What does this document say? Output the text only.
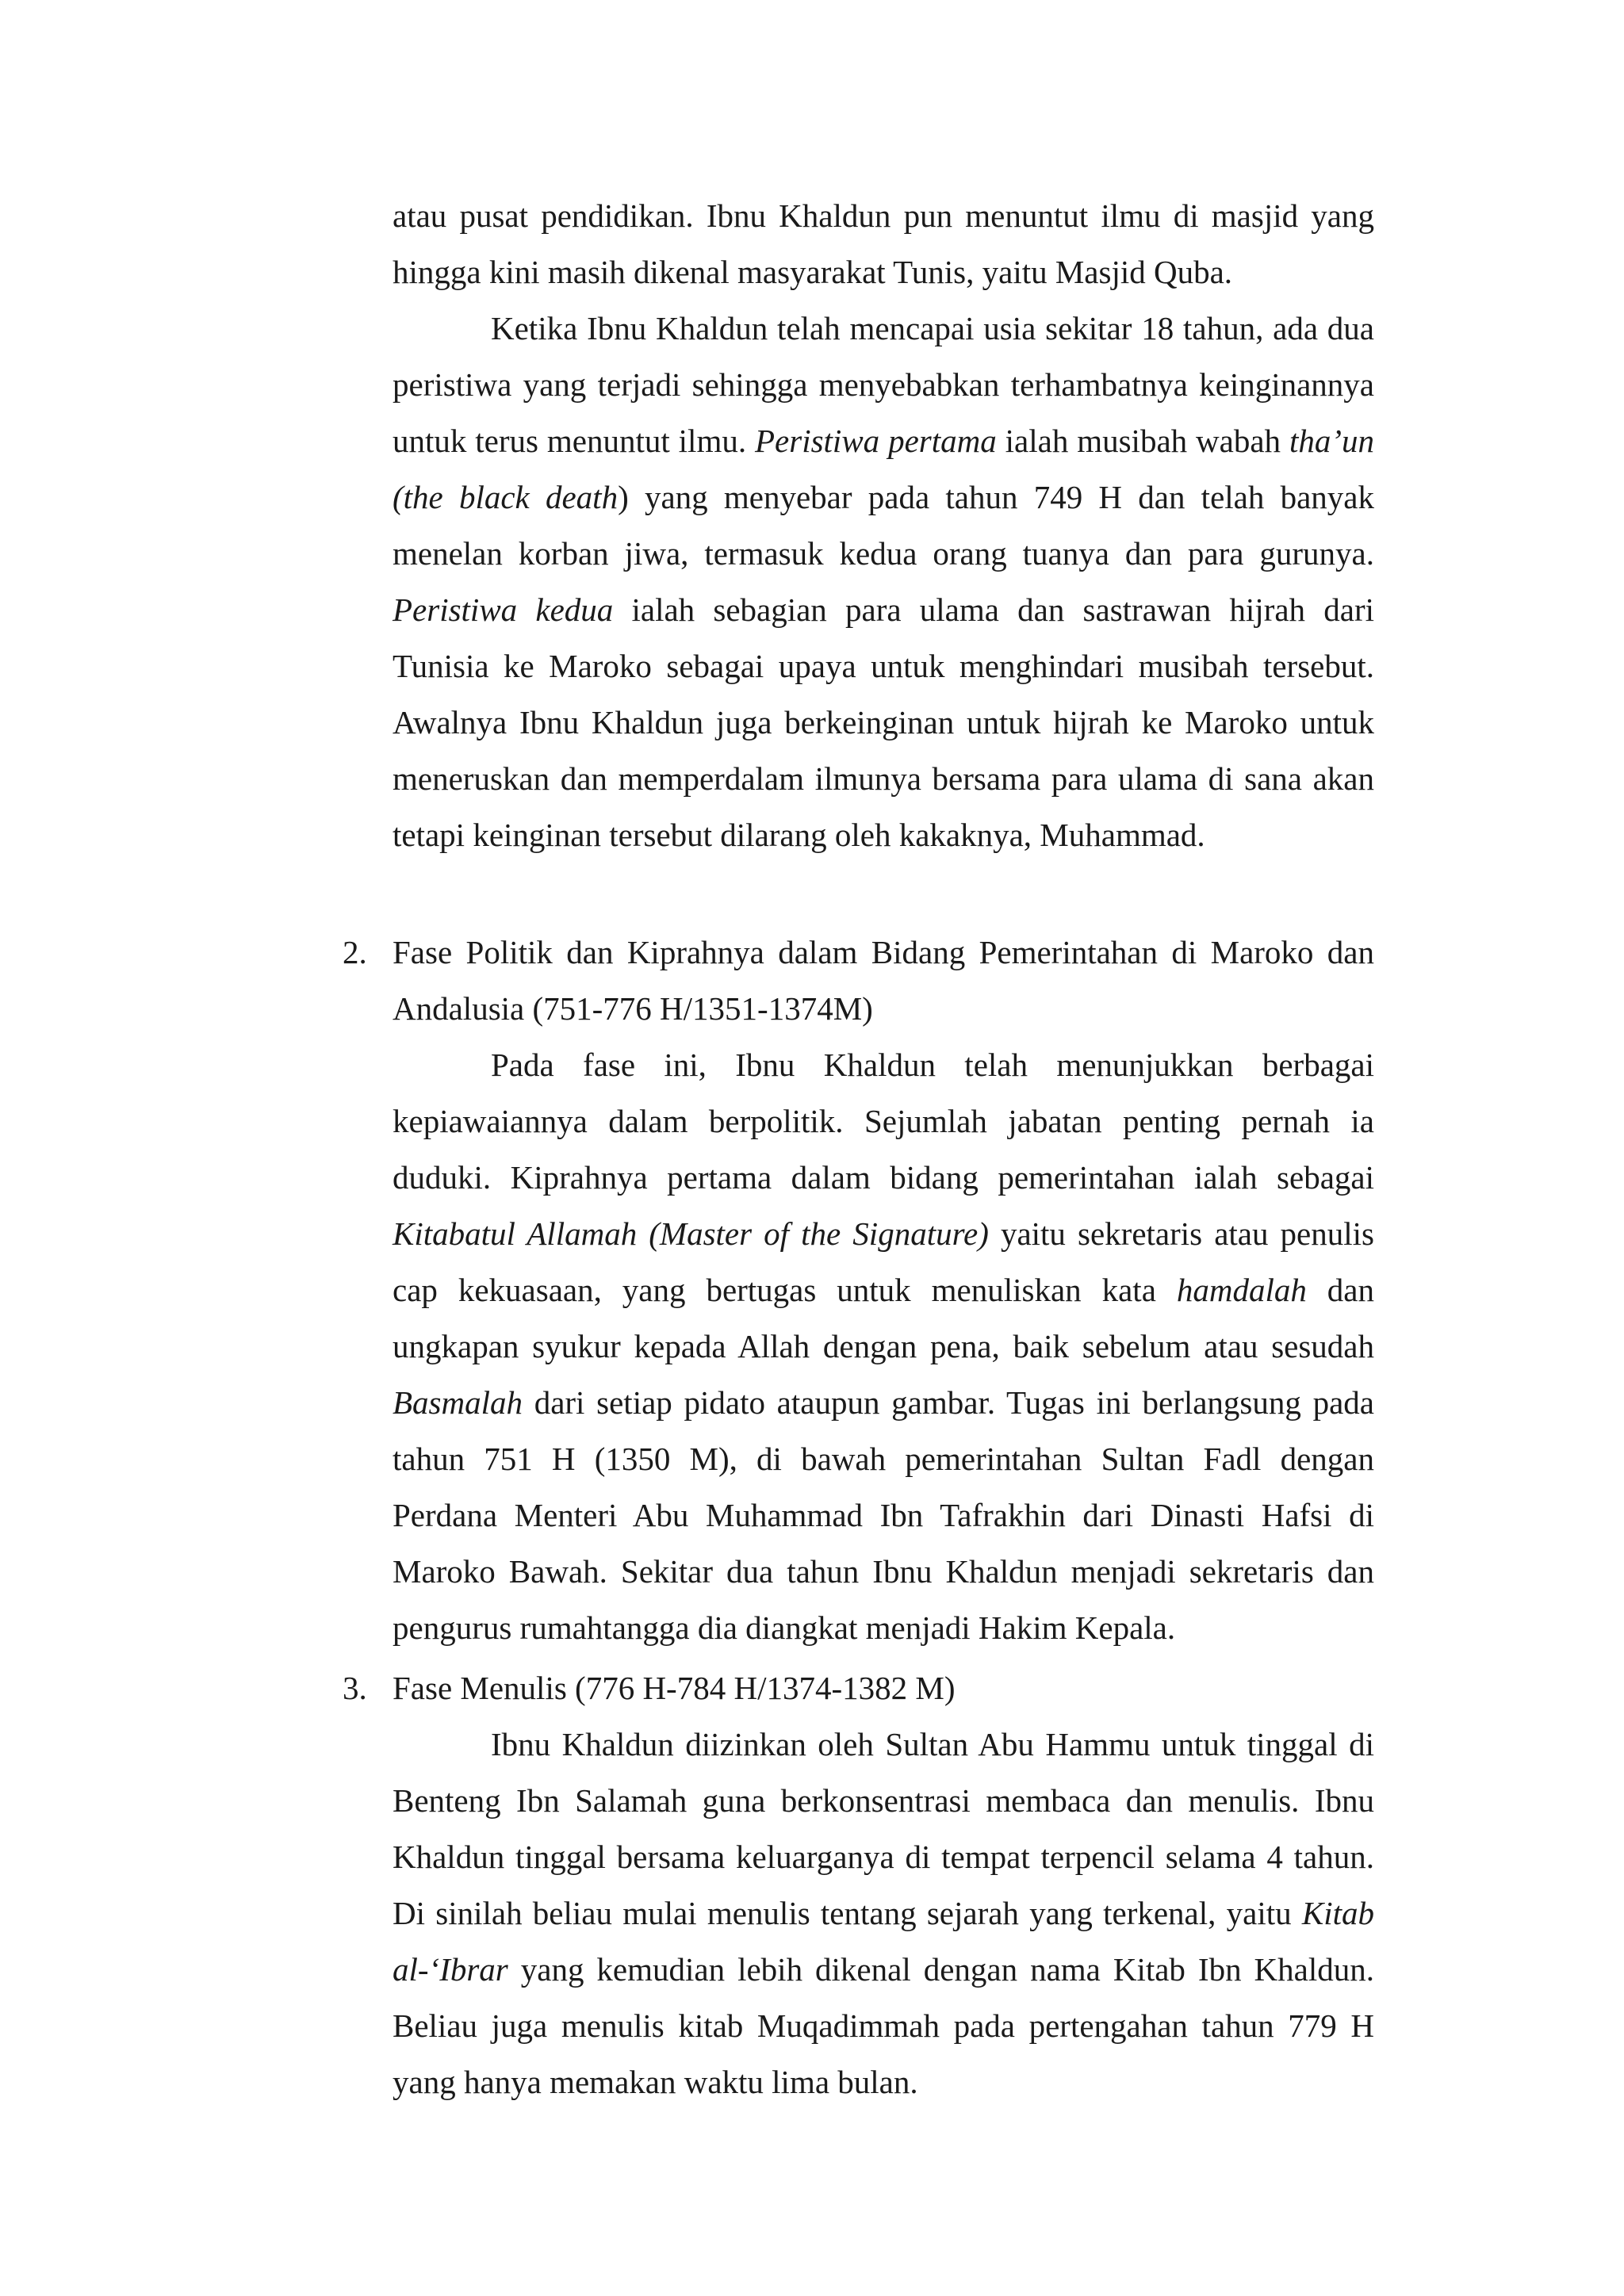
atau pusat pendidikan. Ibnu Khaldun pun menuntut ilmu di masjid yang hingga kini masih dikenal masyarakat Tunis, yaitu Masjid Quba.

Ketika Ibnu Khaldun telah mencapai usia sekitar 18 tahun, ada dua peristiwa yang terjadi sehingga menyebabkan terhambatnya keinginannya untuk terus menuntut ilmu. Peristiwa pertama ialah musibah wabah tha’un (the black death) yang menyebar pada tahun 749 H dan telah banyak menelan korban jiwa, termasuk kedua orang tuanya dan para gurunya. Peristiwa kedua ialah sebagian para ulama dan sastrawan hijrah dari Tunisia ke Maroko sebagai upaya untuk menghindari musibah tersebut. Awalnya Ibnu Khaldun juga berkeinginan untuk hijrah ke Maroko untuk meneruskan dan memperdalam ilmunya bersama para ulama di sana akan tetapi keinginan tersebut dilarang oleh kakaknya, Muhammad.

2. Fase Politik dan Kiprahnya dalam Bidang Pemerintahan di Maroko dan Andalusia (751-776 H/1351-1374M)

Pada fase ini, Ibnu Khaldun telah menunjukkan berbagai kepiawaiannya dalam berpolitik. Sejumlah jabatan penting pernah ia duduki. Kiprahnya pertama dalam bidang pemerintahan ialah sebagai Kitabatul Allamah (Master of the Signature) yaitu sekretaris atau penulis cap kekuasaan, yang bertugas untuk menuliskan kata hamdalah dan ungkapan syukur kepada Allah dengan pena, baik sebelum atau sesudah Basmalah dari setiap pidato ataupun gambar. Tugas ini berlangsung pada tahun 751 H (1350 M), di bawah pemerintahan Sultan Fadl dengan Perdana Menteri Abu Muhammad Ibn Tafrakhin dari Dinasti Hafsi di Maroko Bawah. Sekitar dua tahun Ibnu Khaldun menjadi sekretaris dan pengurus rumahtangga dia diangkat menjadi Hakim Kepala.

3. Fase Menulis (776 H-784 H/1374-1382 M)

Ibnu Khaldun diizinkan oleh Sultan Abu Hammu untuk tinggal di Benteng Ibn Salamah guna berkonsentrasi membaca dan menulis. Ibnu Khaldun tinggal bersama keluarganya di tempat terpencil selama 4 tahun. Di sinilah beliau mulai menulis tentang sejarah yang terkenal, yaitu Kitab al-‘Ibrar yang kemudian lebih dikenal dengan nama Kitab Ibn Khaldun. Beliau juga menulis kitab Muqadimmah pada pertengahan tahun 779 H yang hanya memakan waktu lima bulan.
